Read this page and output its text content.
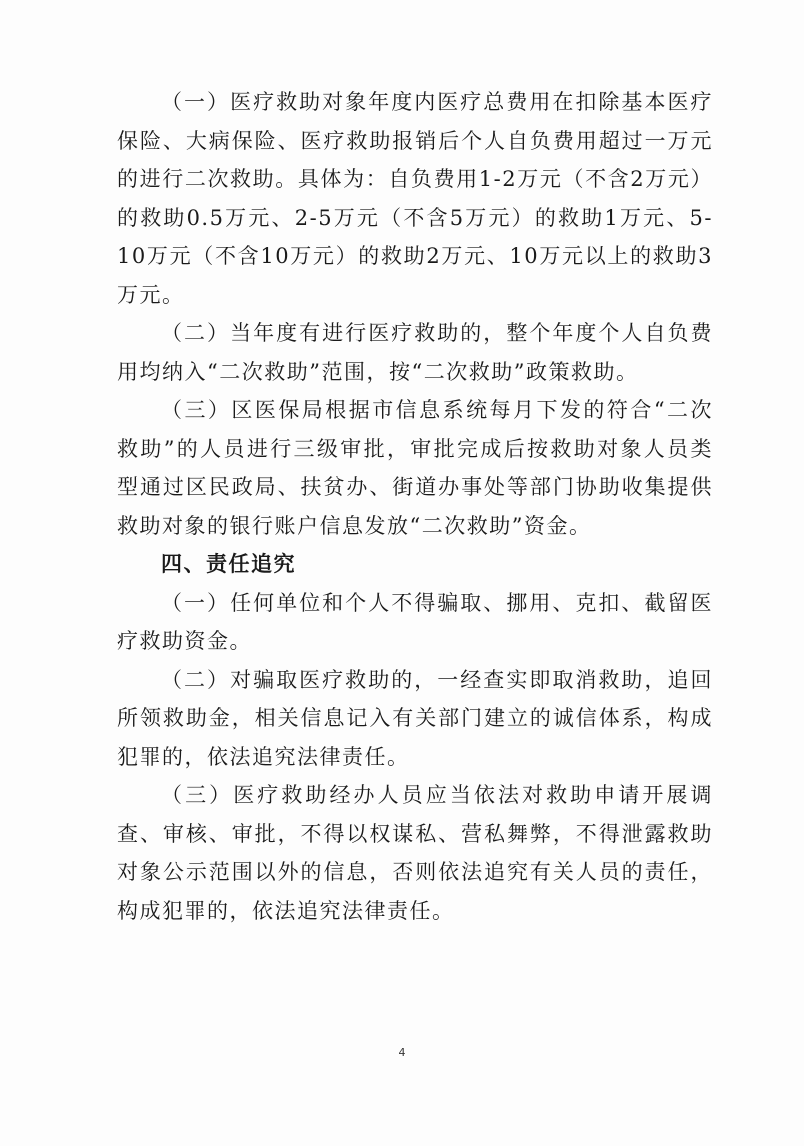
（一）医疗救助对象年度内医疗总费用在扣除基本医疗保险、大病保险、医疗救助报销后个人自负费用超过一万元的进行二次救助。具体为：自负费用1-2万元（不含2万元）的救助0.5万元、2-5万元（不含5万元）的救助1万元、5-10万元（不含10万元）的救助2万元、10万元以上的救助3万元。

（二）当年度有进行医疗救助的，整个年度个人自负费用均纳入“二次救助”范围，按“二次救助”政策救助。

（三）区医保局根据市信息系统每月下发的符合“二次救助”的人员进行三级审批，审批完成后按救助对象人员类型通过区民政局、扶贫办、街道办事处等部门协助收集提供救助对象的银行账户信息发放“二次救助”资金。

四、责任追究

（一）任何单位和个人不得骗取、挪用、克扣、截留医疗救助资金。

（二）对骗取医疗救助的，一经查实即取消救助，追回所领救助金，相关信息记入有关部门建立的诚信体系，构成犯罪的，依法追究法律责任。

（三）医疗救助经办人员应当依法对救助申请开展调查、审核、审批，不得以权谋私、营私舞弊，不得泄露救助对象公示范围以外的信息，否则依法追究有关人员的责任，构成犯罪的，依法追究法律责任。

4
